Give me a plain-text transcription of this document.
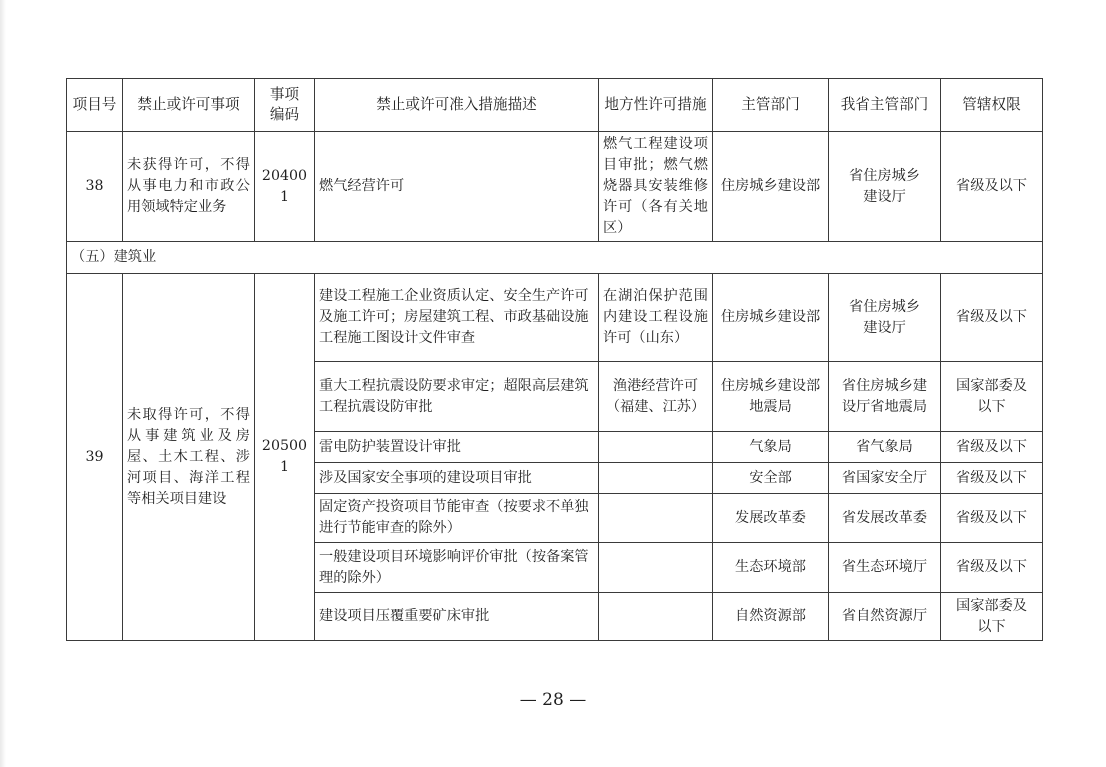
项目号	禁止或许可事项	事项编码	禁止或许可准入措施描述	地方性许可措施	主管部门	我省主管部门	管辖权限
38	未获得许可，不得从事电力和市政公用领域特定业务	204001	燃气经营许可	燃气工程建设项目审批；燃气燃烧器具安装维修许可（各有关地区）	住房城乡建设部	省住房城乡建设厅	省级及以下
（五）建筑业							
39	未取得许可，不得从事建筑业及房屋、土木工程、涉河项目、海洋工程等相关项目建设	205001	建设工程施工企业资质认定、安全生产许可及施工许可；房屋建筑工程、市政基础设施工程施工图设计文件审查	在湖泊保护范围内建设工程设施许可（山东）	住房城乡建设部	省住房城乡建设厅	省级及以下
			重大工程抗震设防要求审定；超限高层建筑工程抗震设防审批	渔港经营许可（福建、江苏）	住房城乡建设部地震局	省住房城乡建设厅省地震局	国家部委及以下
			雷电防护装置设计审批		气象局	省气象局	省级及以下
			涉及国家安全事项的建设项目审批		安全部	省国家安全厅	省级及以下
			固定资产投资项目节能审查（按要求不单独进行节能审查的除外）		发展改革委	省发展改革委	省级及以下
			一般建设项目环境影响评价审批（按备案管理的除外）		生态环境部	省生态环境厅	省级及以下
			建设项目压覆重要矿床审批		自然资源部	省自然资源厅	国家部委及以下
— 28 —
